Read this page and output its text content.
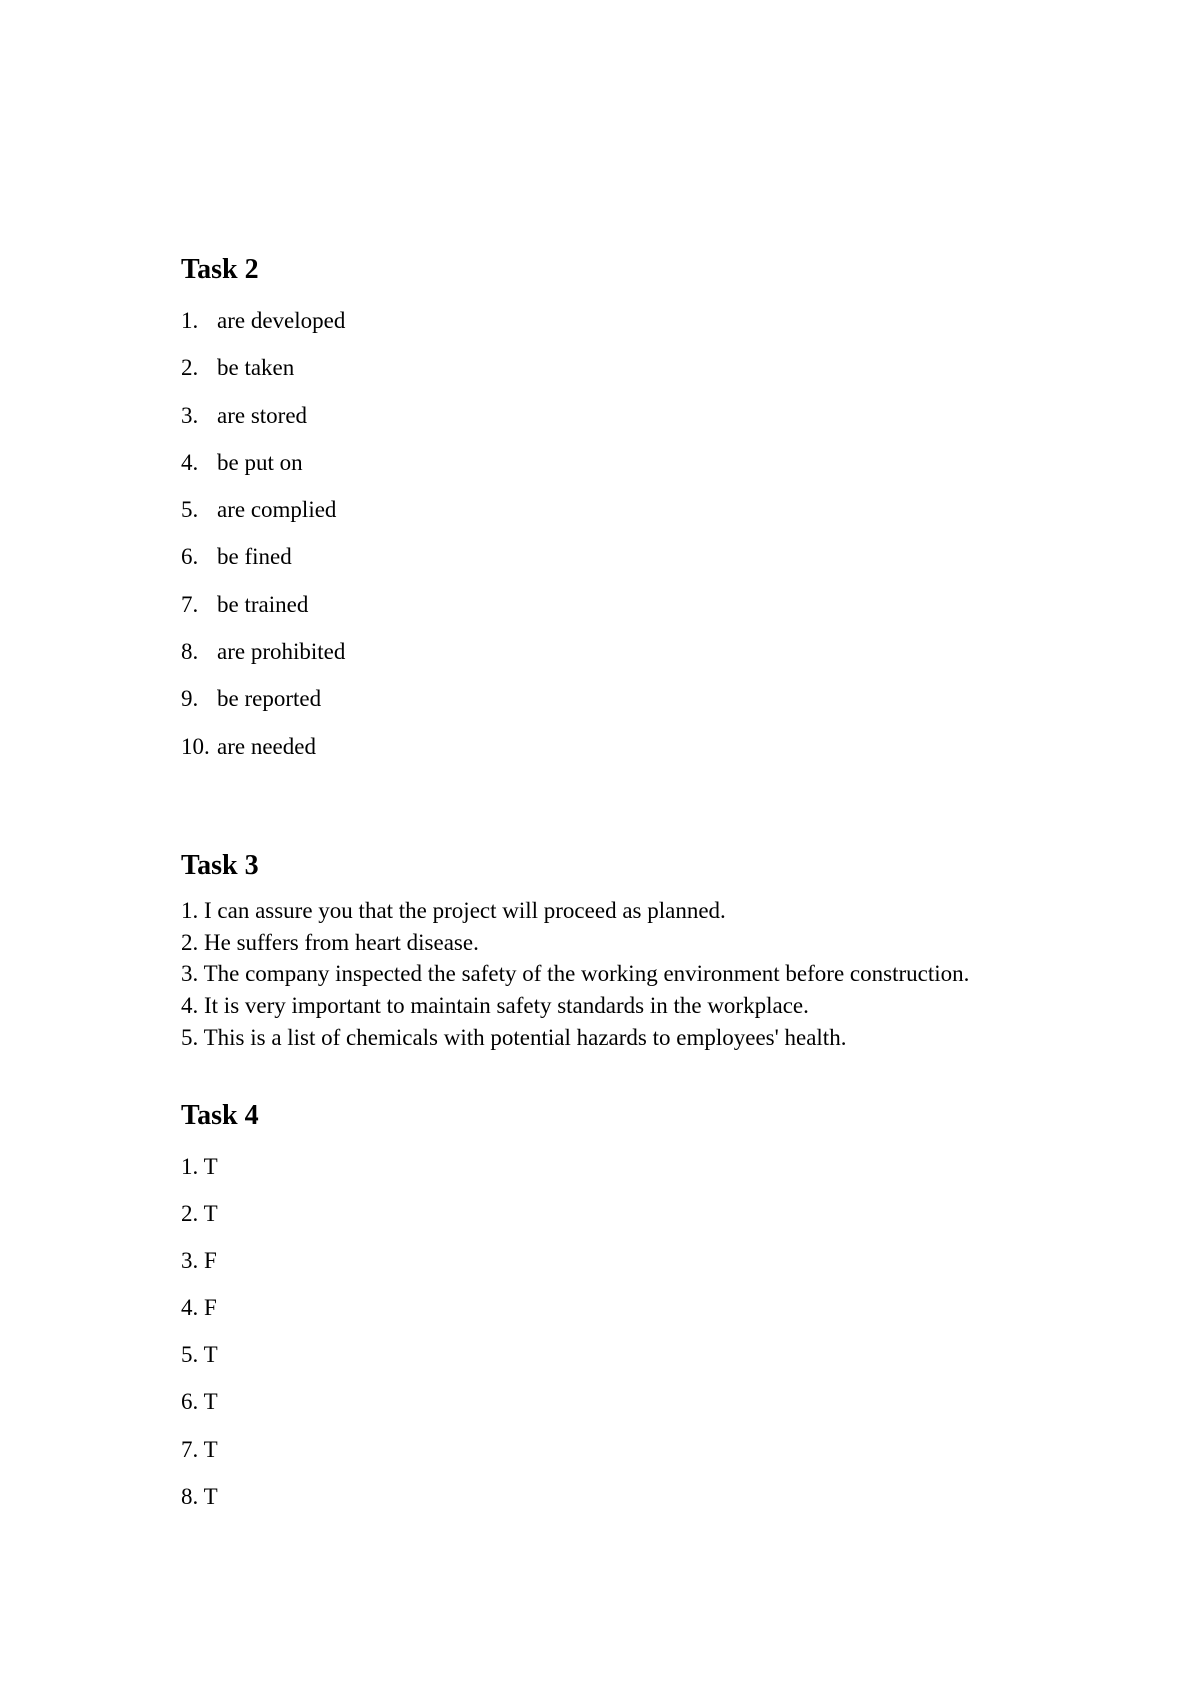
Task 2
1. are developed
2. be taken
3. are stored
4. be put on
5. are complied
6. be fined
7. be trained
8. are prohibited
9. be reported
10. are needed
Task 3
1. I can assure you that the project will proceed as planned.
2. He suffers from heart disease.
3. The company inspected the safety of the working environment before construction.
4. It is very important to maintain safety standards in the workplace.
5. This is a list of chemicals with potential hazards to employees' health.
Task 4
1. T
2. T
3. F
4. F
5. T
6. T
7. T
8. T
